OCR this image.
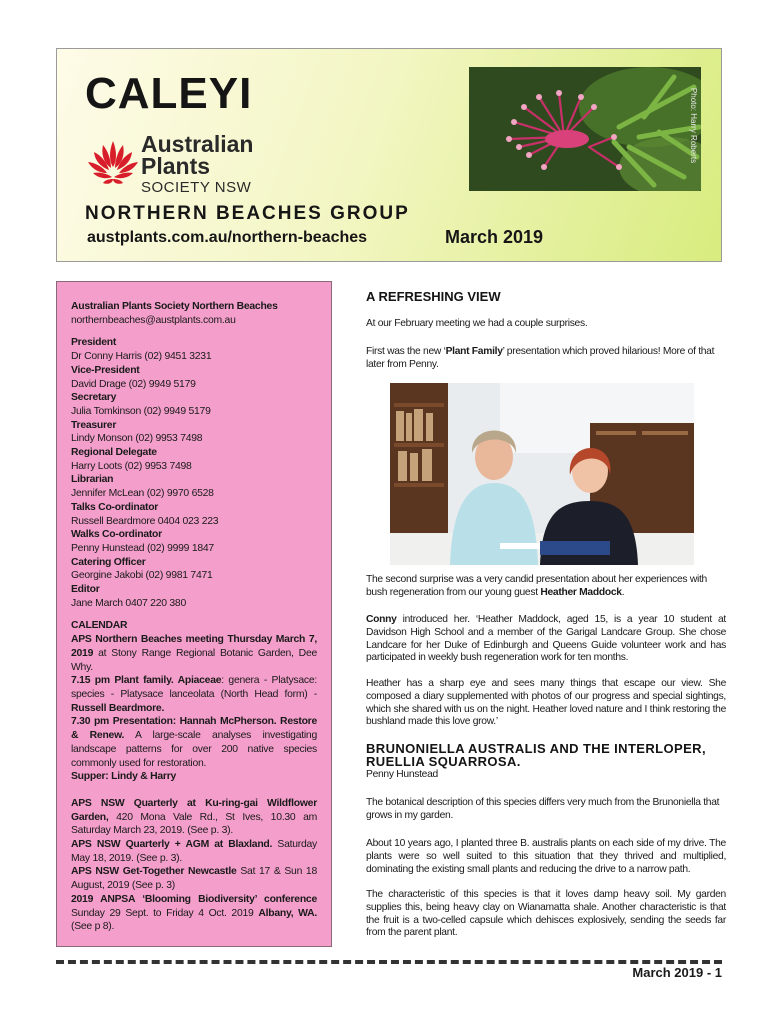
CALEYI
Australian
Plants
SOCIETY NSW
Photo: Harry Roberts
NORTHERN BEACHES GROUP
austplants.com.au/northern-beaches	March 2019
Australian Plants Society Northern Beaches
northernbeaches@austplants.com.au
President
Dr Conny Harris (02) 9451 3231
Vice-President
David Drage (02) 9949 5179
Secretary
Julia Tomkinson (02) 9949 5179
Treasurer
Lindy Monson (02) 9953 7498
Regional Delegate
Harry Loots (02) 9953 7498
Librarian
Jennifer McLean (02) 9970 6528
Talks Co-ordinator
Russell Beardmore 0404 023 223
Walks Co-ordinator
Penny Hunstead (02) 9999 1847
Catering Officer
Georgine Jakobi (02) 9981 7471
Editor
Jane March 0407 220 380
CALENDAR
APS Northern Beaches meeting Thursday March 7, 2019 at Stony Range Regional Botanic Garden, Dee Why.
7.15 pm Plant family. Apiaceae: genera - Platysace: species - Platysace lanceolata (North Head form) - Russell Beardmore.
7.30 pm Presentation: Hannah McPherson. Restore & Renew. A large-scale analyses investigating landscape patterns for over 200 native species commonly used for restoration.
Supper: Lindy & Harry
APS NSW Quarterly at Ku-ring-gai Wildflower Garden, 420 Mona Vale Rd., St Ives, 10.30 am Saturday March 23, 2019. (See p. 3).
APS NSW Quarterly + AGM at Blaxland. Saturday May 18, 2019. (See p. 3).
APS NSW Get-Together Newcastle Sat 17 & Sun 18 August, 2019 (See p. 3)
2019 ANPSA ‘Blooming Biodiversity’ conference Sunday 29 Sept. to Friday 4 Oct. 2019 Albany, WA. (See p 8).
A REFRESHING VIEW
At our February meeting we had a couple surprises.
First was the new ‘Plant Family’ presentation which proved hilarious! More of that later from Penny.
The second surprise was a very candid presentation about her experiences with bush regeneration from our young guest Heather Maddock.
Conny introduced her. ‘Heather Maddock, aged 15, is a year 10 student at Davidson High School and a member of the Garigal Landcare Group. She chose Landcare for her Duke of Edinburgh and Queens Guide volunteer work and has participated in weekly bush regeneration work for ten months.
Heather has a sharp eye and sees many things that escape our view. She composed a diary supplemented with photos of our progress and special sightings, which she shared with us on the night. Heather loved nature and I think restoring the bushland made this love grow.’
BRUNONIELLA AUSTRALIS AND THE INTERLOPER, RUELLIA SQUARROSA.
Penny Hunstead
The botanical description of this species differs very much from the Brunoniella that grows in my garden.
About 10 years ago, I planted three B. australis plants on each side of my drive. The plants were so well suited to this situation that they thrived and multiplied, dominating the existing small plants and reducing the drive to a narrow path.
The characteristic of this species is that it loves damp heavy soil. My garden supplies this, being heavy clay on Wianamatta shale. Another characteristic is that the fruit is a two-celled capsule which dehisces explosively, sending the seeds far from the parent plant.
March 2019 - 1
